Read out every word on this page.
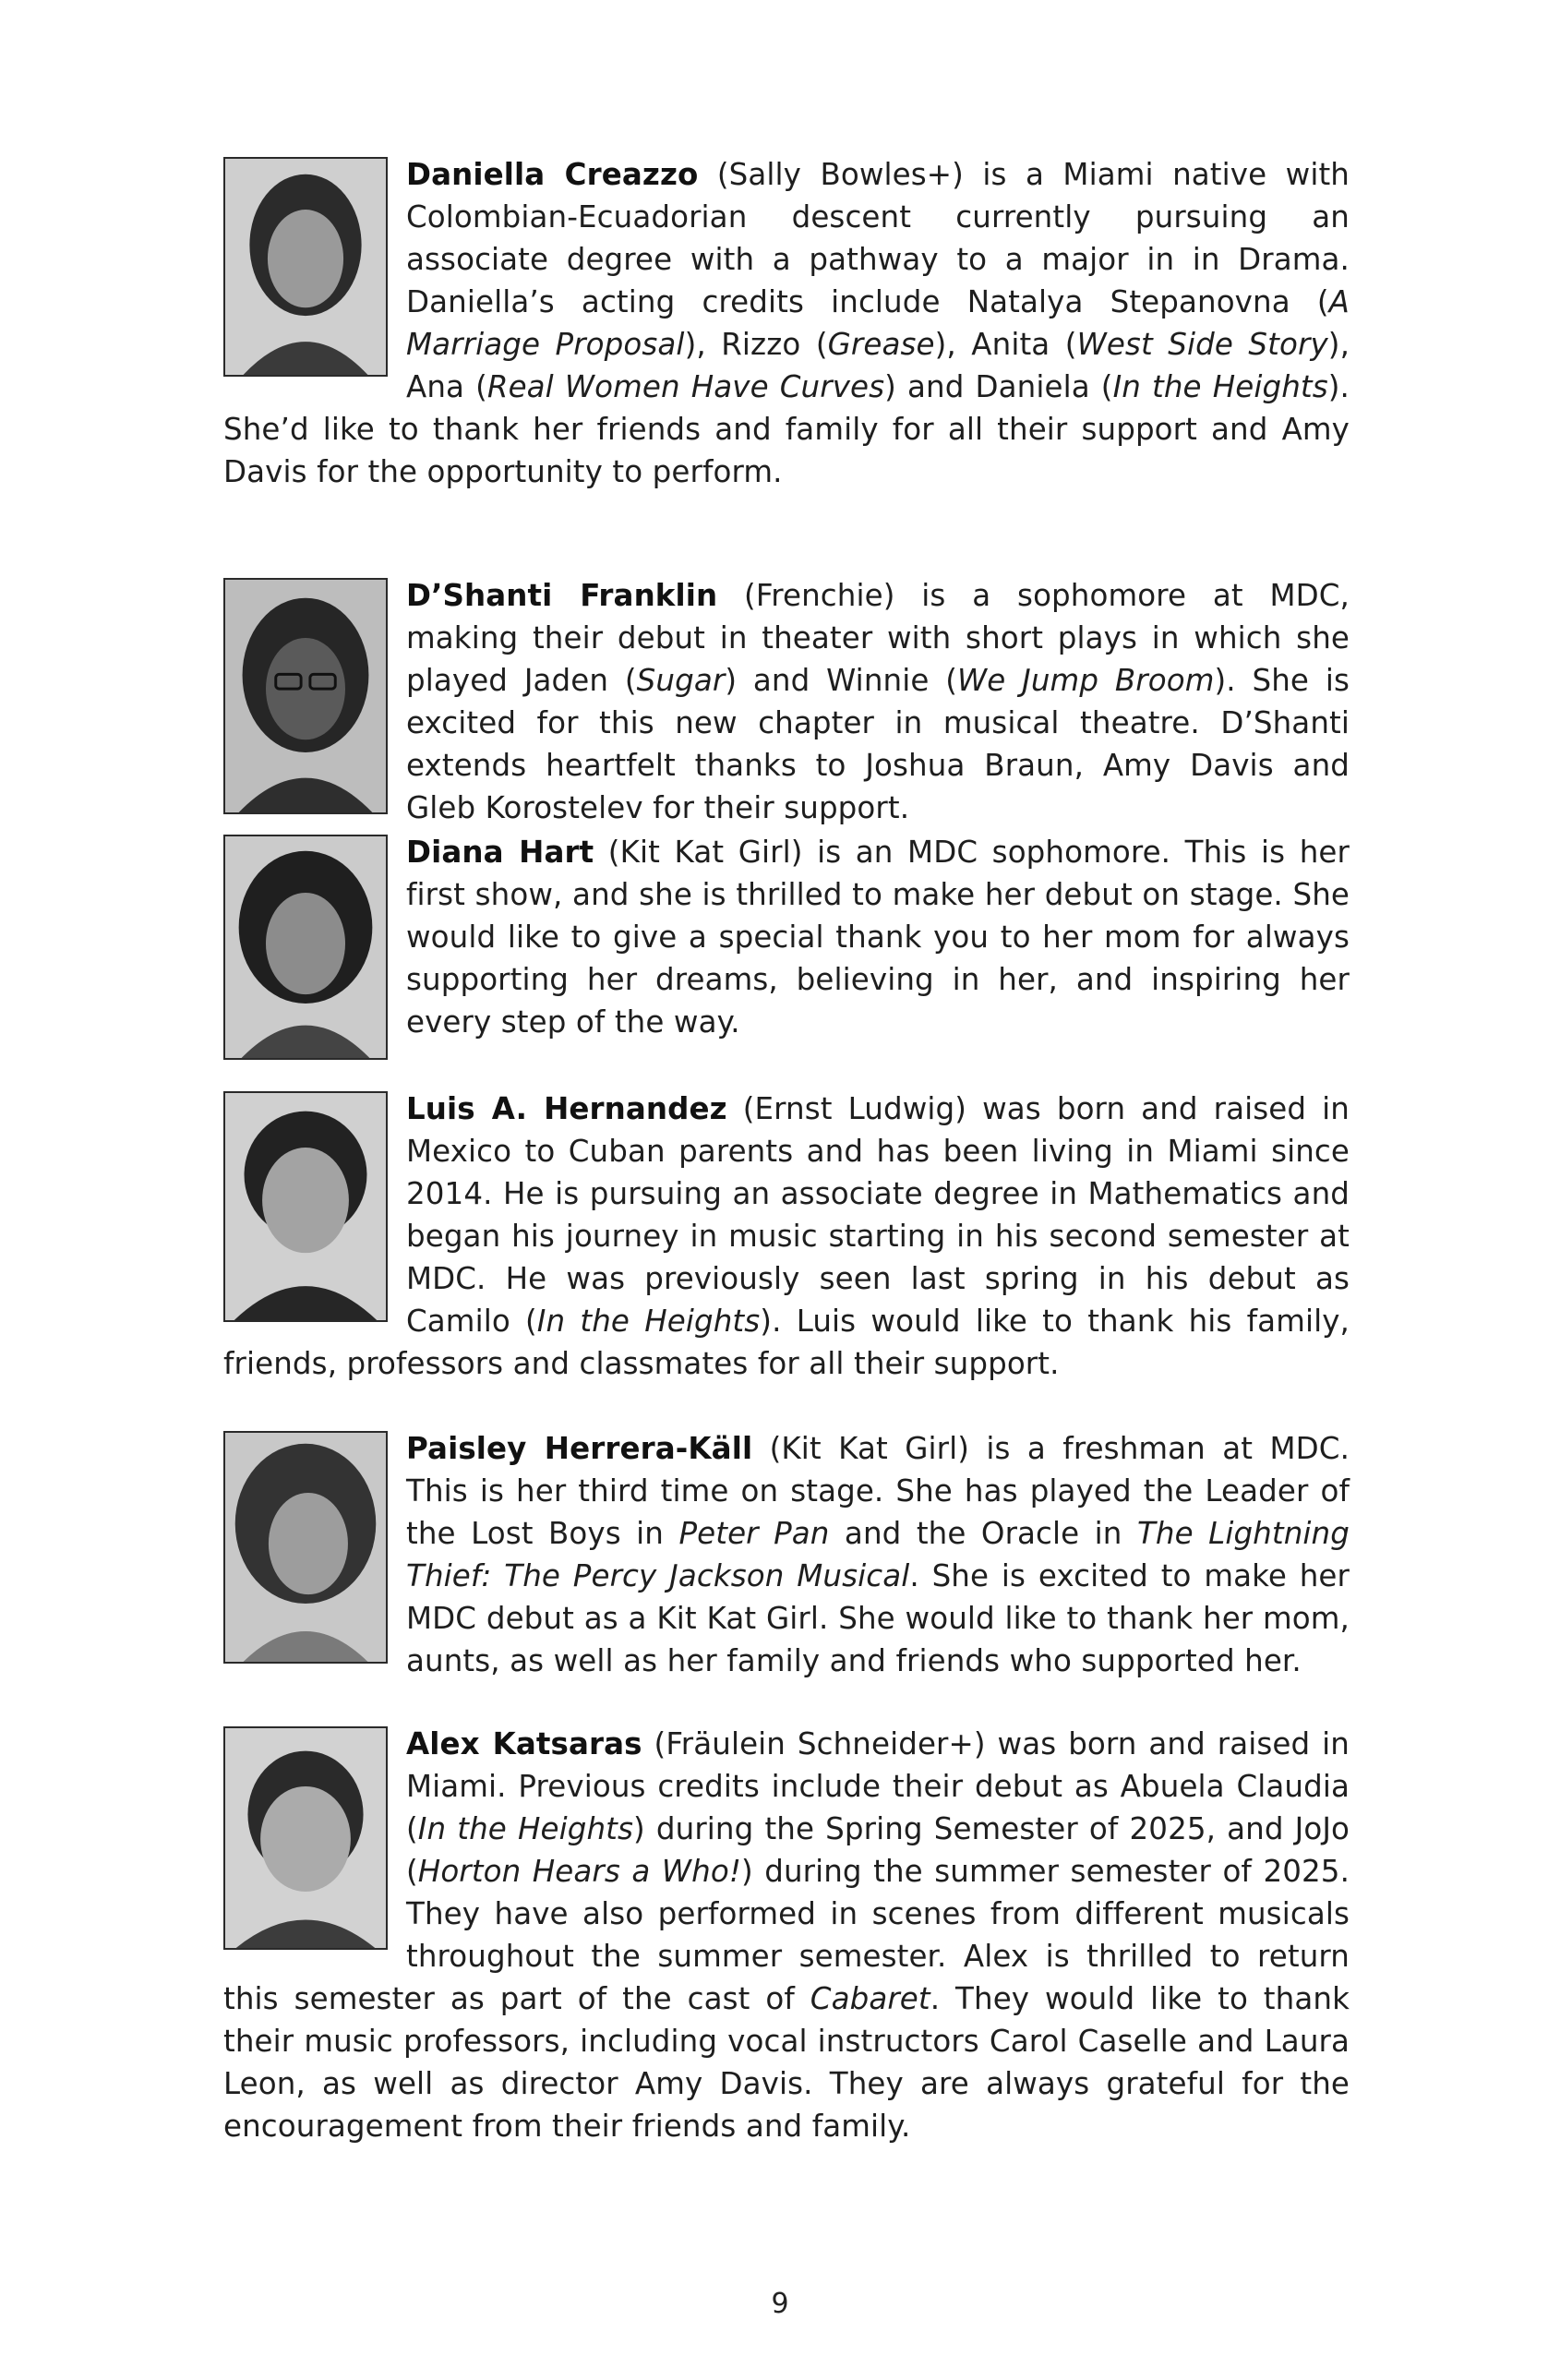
Daniella Creazzo (Sally Bowles+) is a Miami native with Colombian-Ecuadorian descent currently pursuing an associate degree with a pathway to a major in in Drama. Daniella’s acting credits include Natalya Stepanovna (A Marriage Proposal), Rizzo (Grease), Anita (West Side Story), Ana (Real Women Have Curves) and Daniela (In the Heights). She’d like to thank her friends and family for all their support and Amy Davis for the opportunity to perform.

D’Shanti Franklin (Frenchie) is a sophomore at MDC, making their debut in theater with short plays in which she played Jaden (Sugar) and Winnie (We Jump Broom). She is excited for this new chapter in musical theatre. D’Shanti extends heartfelt thanks to Joshua Braun, Amy Davis and Gleb Korostelev for their support.

Diana Hart (Kit Kat Girl) is an MDC sophomore. This is her first show, and she is thrilled to make her debut on stage. She would like to give a special thank you to her mom for always supporting her dreams, believing in her, and inspiring her every step of the way.

Luis A. Hernandez (Ernst Ludwig) was born and raised in Mexico to Cuban parents and has been living in Miami since 2014. He is pursuing an associate degree in Mathematics and began his journey in music starting in his second semester at MDC. He was previously seen last spring in his debut as Camilo (In the Heights). Luis would like to thank his family, friends, professors and classmates for all their support.

Paisley Herrera-Käll (Kit Kat Girl) is a freshman at MDC. This is her third time on stage. She has played the Leader of the Lost Boys in Peter Pan and the Oracle in The Lightning Thief: The Percy Jackson Musical. She is excited to make her MDC debut as a Kit Kat Girl. She would like to thank her mom, aunts, as well as her family and friends who supported her.

Alex Katsaras (Fräulein Schneider+) was born and raised in Miami. Previous credits include their debut as Abuela Claudia (In the Heights) during the Spring Semester of 2025, and JoJo (Horton Hears a Who!) during the summer semester of 2025. They have also performed in scenes from different musicals throughout the summer semester. Alex is thrilled to return this semester as part of the cast of Cabaret. They would like to thank their music professors, including vocal instructors Carol Caselle and Laura Leon, as well as director Amy Davis. They are always grateful for the encouragement from their friends and family.

9
